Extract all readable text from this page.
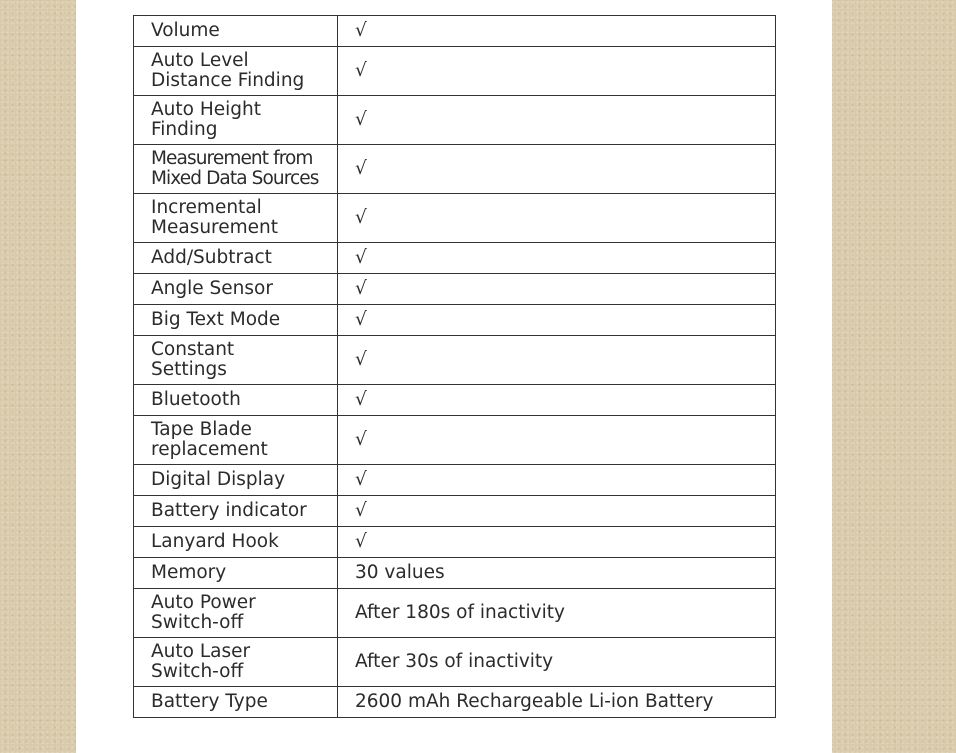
Volume	√
Auto Level
Distance Finding	√
Auto Height
Finding	√
Measurement from
Mixed Data Sources	√
Incremental
Measurement	√
Add/Subtract	√
Angle Sensor	√
Big Text Mode	√
Constant
Settings	√
Bluetooth	√
Tape Blade
replacement	√
Digital Display	√
Battery indicator	√
Lanyard Hook	√
Memory	30 values
Auto Power
Switch-off	After 180s of inactivity
Auto Laser
Switch-off	After 30s of inactivity
Battery Type	2600 mAh Rechargeable Li-ion Battery
